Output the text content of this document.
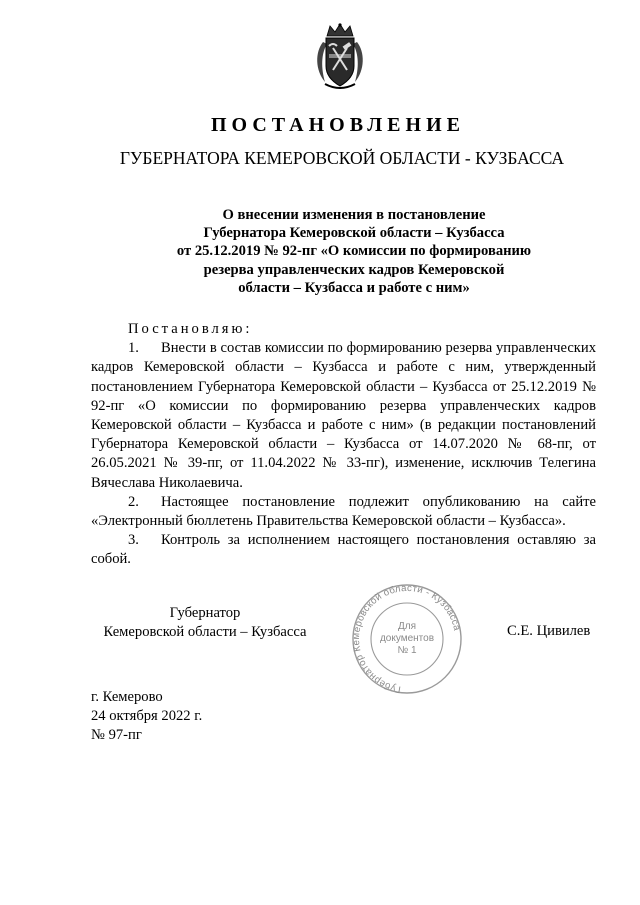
ПОСТАНОВЛЕНИЕ
ГУБЕРНАТОРА КЕМЕРОВСКОЙ ОБЛАСТИ - КУЗБАССА
О внесении изменения в постановление
Губернатора Кемеровской области – Кузбасса
от 25.12.2019 № 92-пг «О комиссии по формированию
резерва управленческих кадров Кемеровской
области – Кузбасса и работе с ним»
Постановляю:
1. Внести в состав комиссии по формированию резерва управленческих кадров Кемеровской области – Кузбасса и работе с ним, утвержденный постановлением Губернатора Кемеровской области – Кузбасса от 25.12.2019 № 92-пг «О комиссии по формированию резерва управленческих кадров Кемеровской области – Кузбасса и работе с ним» (в редакции постановлений Губернатора Кемеровской области – Кузбасса от 14.07.2020 № 68-пг, от 26.05.2021 № 39-пг, от 11.04.2022 № 33-пг), изменение, исключив Телегина Вячеслава Николаевича.
2. Настоящее постановление подлежит опубликованию на сайте «Электронный бюллетень Правительства Кемеровской области – Кузбасса».
3. Контроль за исполнением настоящего постановления оставляю за собой.
Губернатор
Кемеровской области – Кузбасса
Губернатор Кемеровской области - Кузбасса
Для
документов
№ 1
С.Е. Цивилев
г. Кемерово
24 октября 2022 г.
№ 97-пг
